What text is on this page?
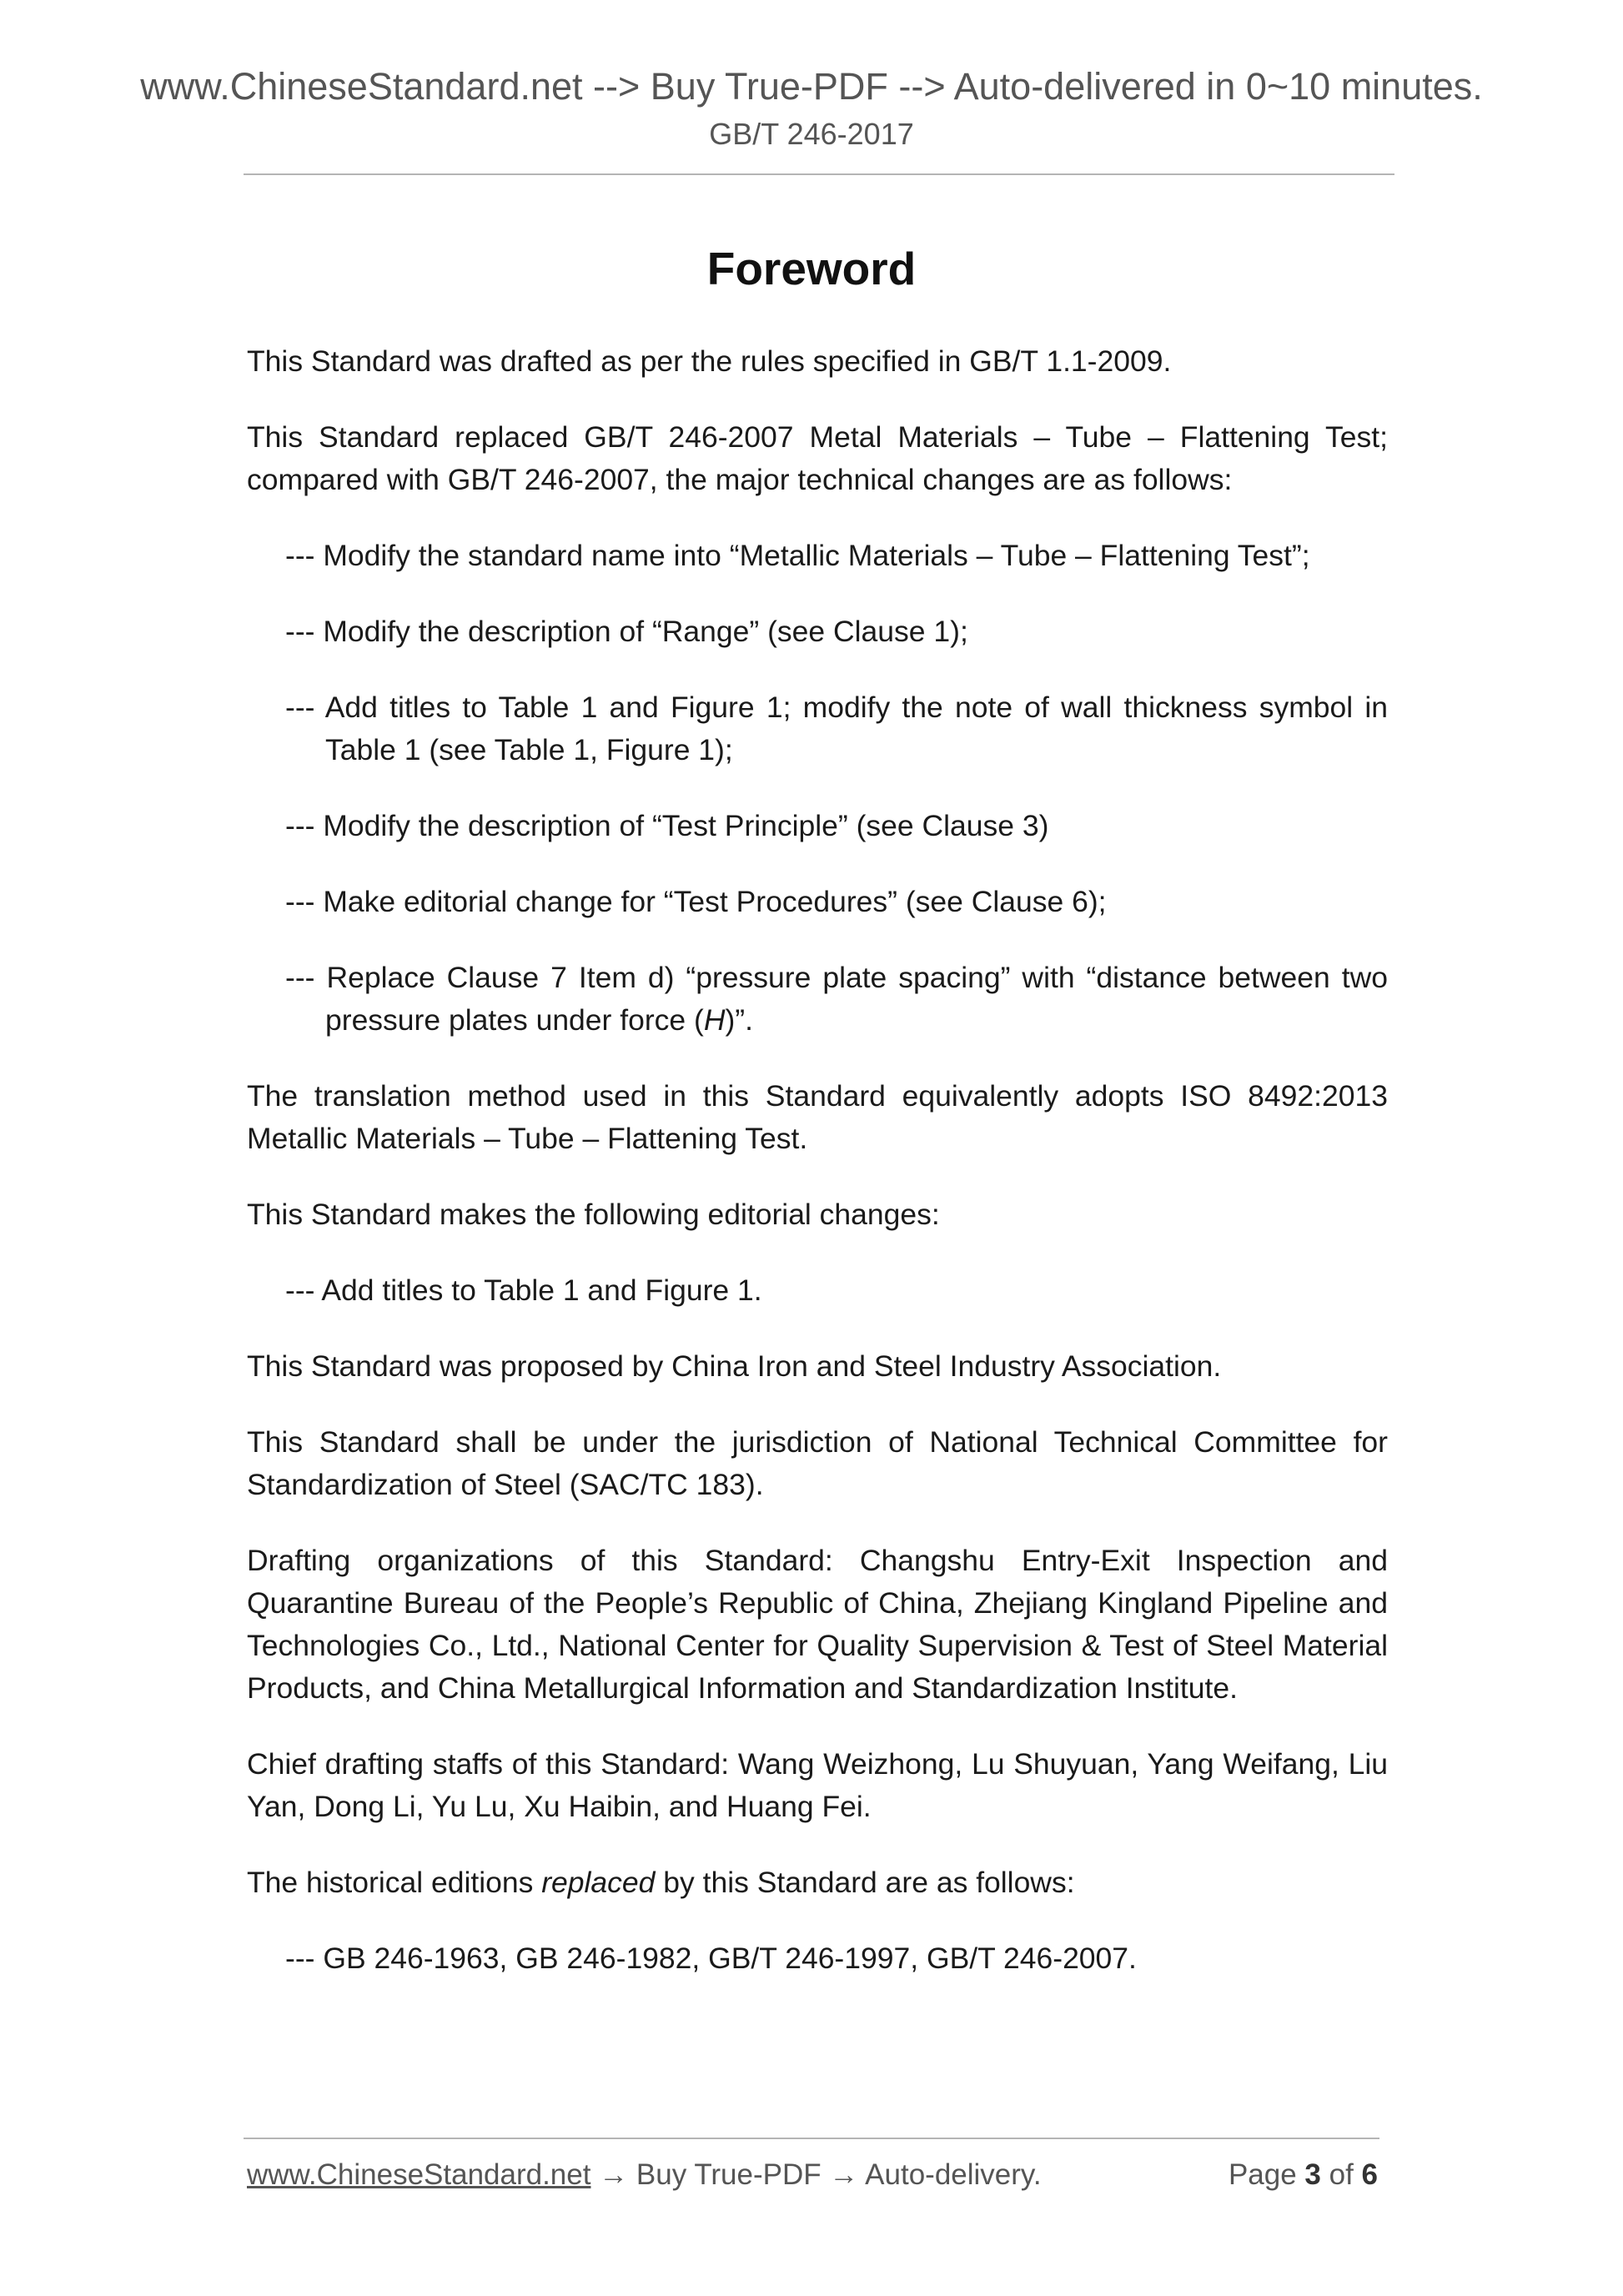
www.ChineseStandard.net --> Buy True-PDF --> Auto-delivered in 0~10 minutes.
GB/T 246-2017
Foreword

This Standard was drafted as per the rules specified in GB/T 1.1-2009.

This Standard replaced GB/T 246-2007 Metal Materials – Tube – Flattening Test; compared with GB/T 246-2007, the major technical changes are as follows:

--- Modify the standard name into “Metallic Materials – Tube – Flattening Test”;

--- Modify the description of “Range” (see Clause 1);

--- Add titles to Table 1 and Figure 1; modify the note of wall thickness symbol in Table 1 (see Table 1, Figure 1);

--- Modify the description of “Test Principle” (see Clause 3)

--- Make editorial change for “Test Procedures” (see Clause 6);

--- Replace Clause 7 Item d) “pressure plate spacing” with “distance between two pressure plates under force (H)”.

The translation method used in this Standard equivalently adopts ISO 8492:2013 Metallic Materials – Tube – Flattening Test.

This Standard makes the following editorial changes:

--- Add titles to Table 1 and Figure 1.

This Standard was proposed by China Iron and Steel Industry Association.

This Standard shall be under the jurisdiction of National Technical Committee for Standardization of Steel (SAC/TC 183).

Drafting organizations of this Standard: Changshu Entry-Exit Inspection and Quarantine Bureau of the People’s Republic of China, Zhejiang Kingland Pipeline and Technologies Co., Ltd., National Center for Quality Supervision & Test of Steel Material Products, and China Metallurgical Information and Standardization Institute.

Chief drafting staffs of this Standard: Wang Weizhong, Lu Shuyuan, Yang Weifang, Liu Yan, Dong Li, Yu Lu, Xu Haibin, and Huang Fei.

The historical editions replaced by this Standard are as follows:

--- GB 246-1963, GB 246-1982, GB/T 246-1997, GB/T 246-2007.

www.ChineseStandard.net → Buy True-PDF → Auto-delivery.	Page 3 of 6
